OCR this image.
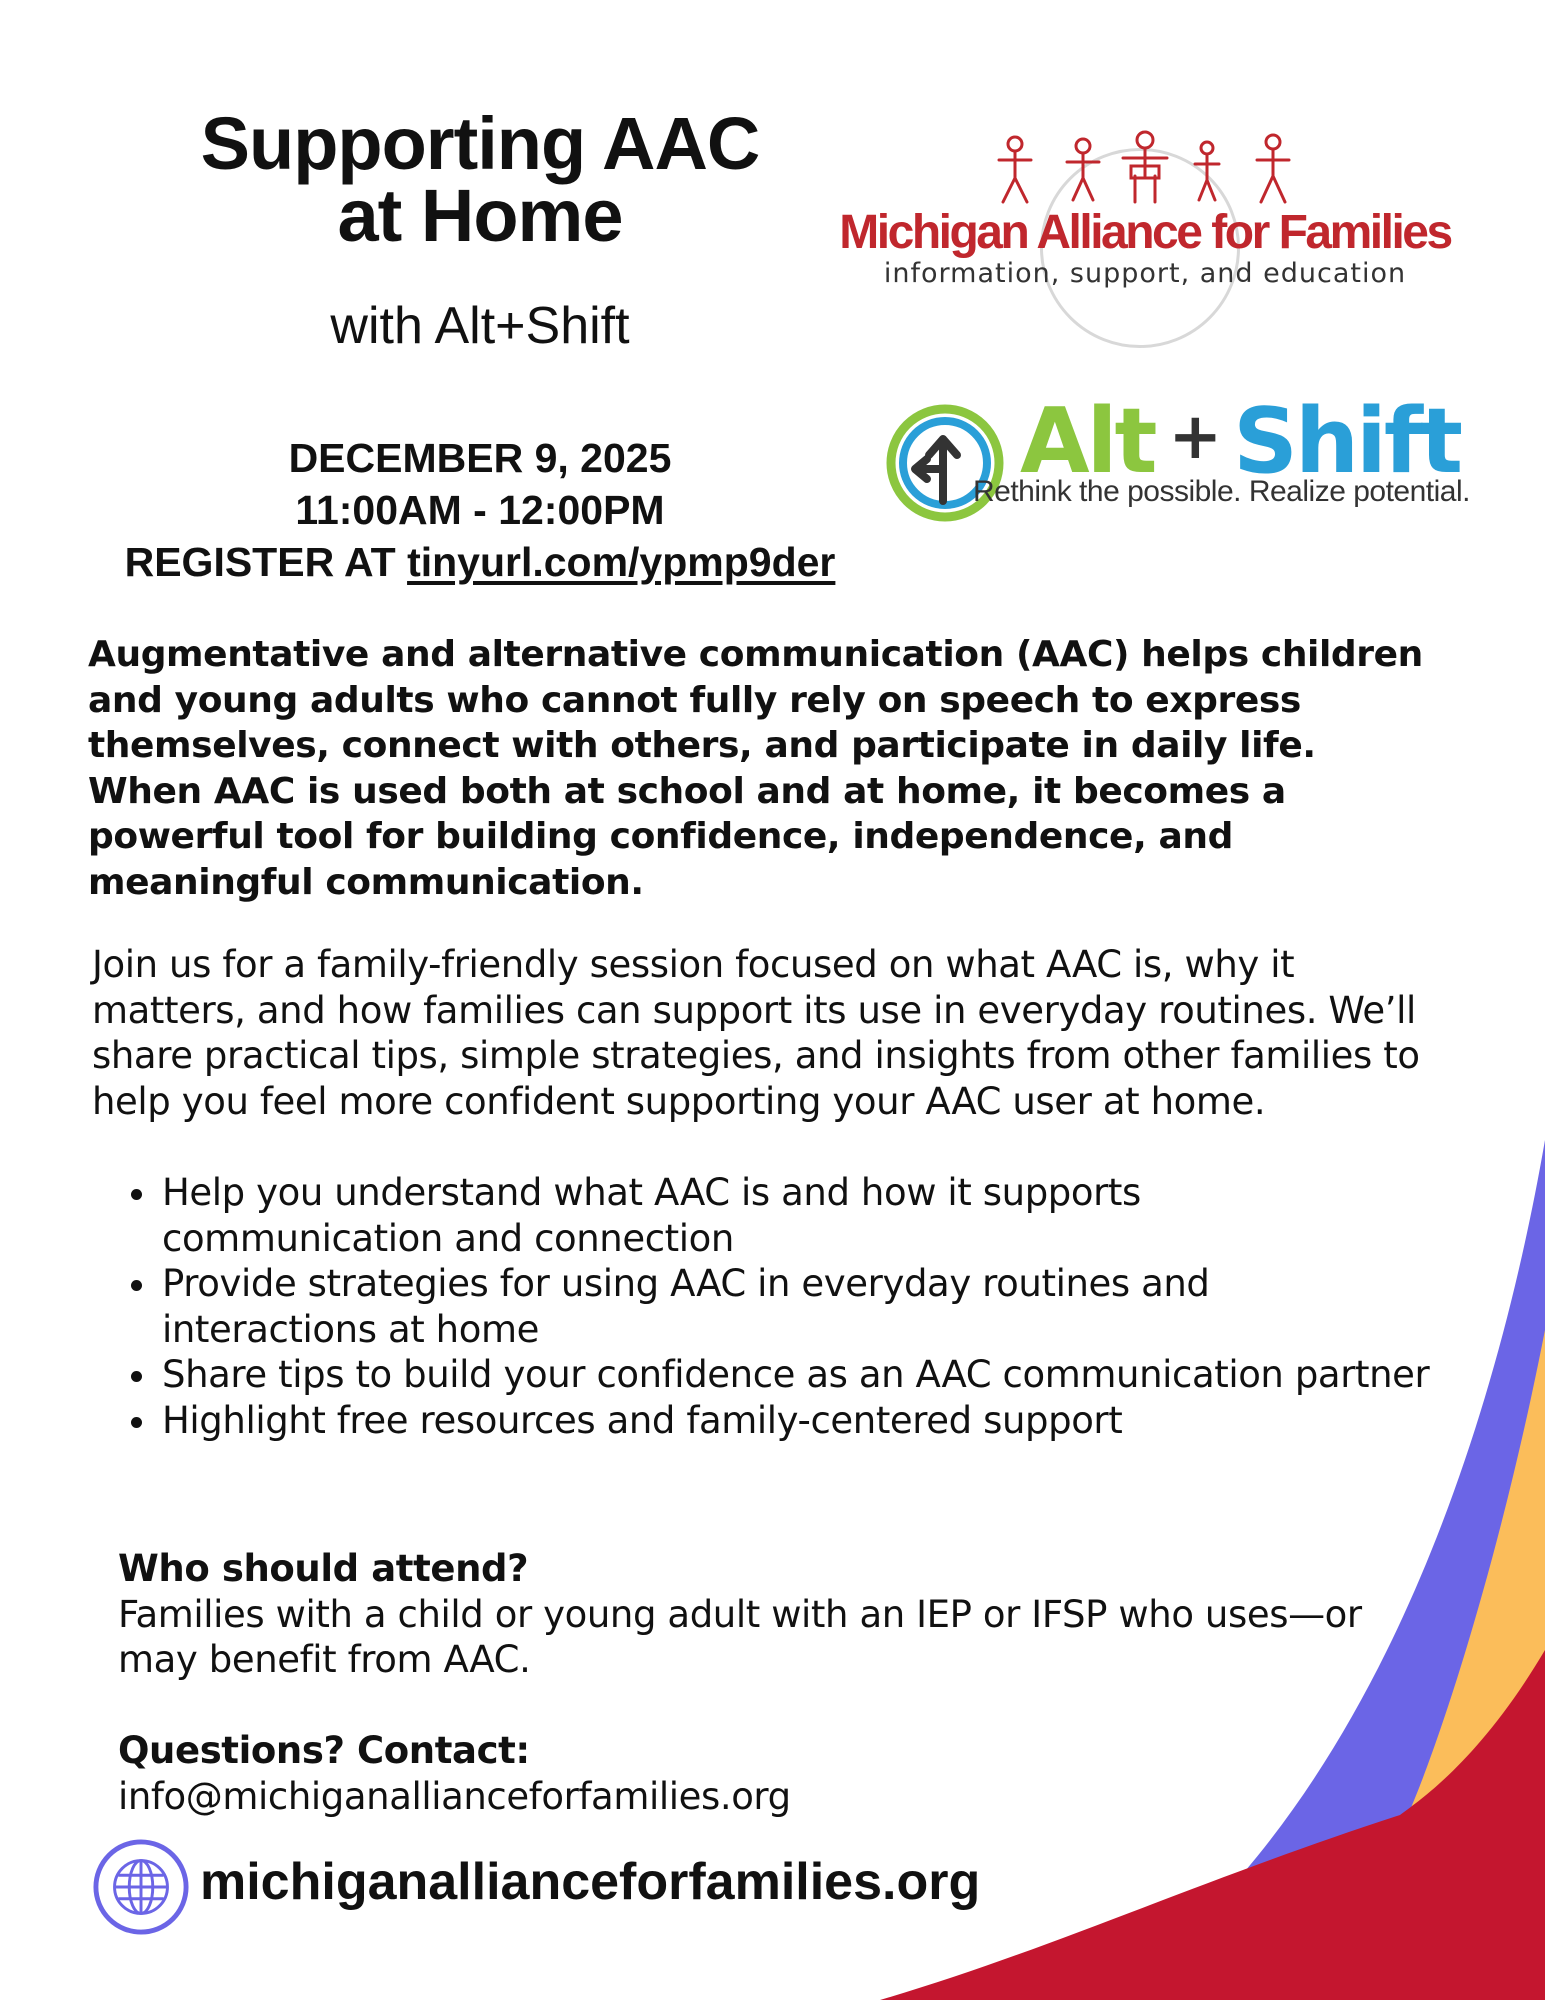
Supporting AAC
at Home
with Alt+Shift
DECEMBER 9, 2025
11:00AM - 12:00PM
REGISTER AT tinyurl.com/ypmp9der
Michigan Alliance for Families
information, support, and education
Alt + Shift
Rethink the possible. Realize potential.
Augmentative and alternative communication (AAC) helps children and young adults who cannot fully rely on speech to express themselves, connect with others, and participate in daily life. When AAC is used both at school and at home, it becomes a powerful tool for building confidence, independence, and meaningful communication.
Join us for a family-friendly session focused on what AAC is, why it matters, and how families can support its use in everyday routines. We’ll share practical tips, simple strategies, and insights from other families to help you feel more confident supporting your AAC user at home.
• Help you understand what AAC is and how it supports communication and connection
• Provide strategies for using AAC in everyday routines and interactions at home
• Share tips to build your confidence as an AAC communication partner
• Highlight free resources and family-centered support
Who should attend?
Families with a child or young adult with an IEP or IFSP who uses—or may benefit from AAC.
Questions? Contact:
info@michiganallianceforfamilies.org
michiganallianceforfamilies.org
